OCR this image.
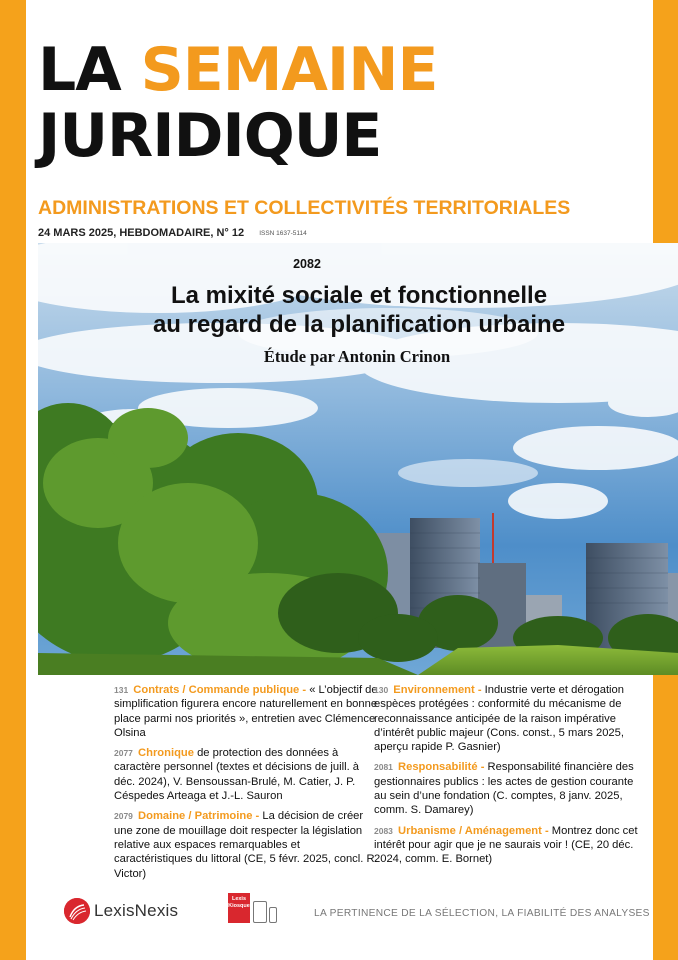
LA SEMAINE
JURIDIQUE
ADMINISTRATIONS ET COLLECTIVITÉS TERRITORIALES
24 MARS 2025, HEBDOMADAIRE, N° 12 ISSN 1637-5114
2082
La mixité sociale et fonctionnelle
au regard de la planification urbaine
Étude par Antonin Crinon
131 Contrats / Commande publique - « L’objectif de simplification figurera encore naturellement en bonne place parmi nos priorités », entretien avec Clémence Olsina
2077 Chronique de protection des données à caractère personnel (textes et décisions de juill. à déc. 2024), V. Bensoussan-Brulé, M. Catier, J. P. Céspedes Arteaga et J.-L. Sauron
2079 Domaine / Patrimoine - La décision de créer une zone de mouillage doit respecter la législation relative aux espaces remarquables et caractéristiques du littoral (CE, 5 févr. 2025, concl. R. Victor)
130 Environnement - Industrie verte et dérogation espèces protégées : conformité du mécanisme de reconnaissance anticipée de la raison impérative d’intérêt public majeur (Cons. const., 5 mars 2025, aperçu rapide P. Gasnier)
2081 Responsabilité - Responsabilité financière des gestionnaires publics : les actes de gestion courante au sein d’une fondation (C. comptes, 8 janv. 2025, comm. S. Damarey)
2083 Urbanisme / Aménagement - Montrez donc cet intérêt pour agir que je ne saurais voir ! (CE, 20 déc. 2024, comm. E. Bornet)
LexisNexis
Lexis
Kiosque
LA PERTINENCE DE LA SÉLECTION, LA FIABILITÉ DES ANALYSES
